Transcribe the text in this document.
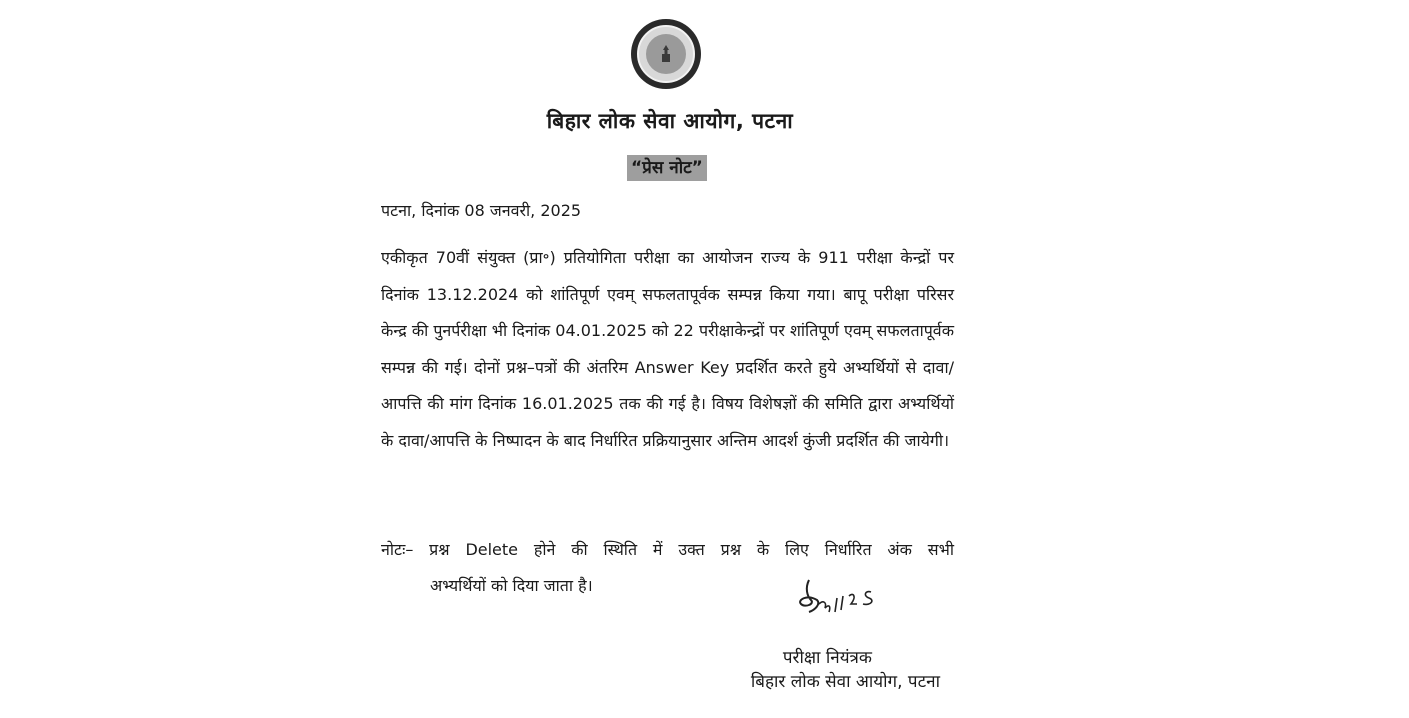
बिहार लोक सेवा आयोग, पटना
“प्रेस नोट”
पटना, दिनांक 08 जनवरी, 2025

एकीकृत 70वीं संयुक्त (प्रा॰) प्रतियोगिता परीक्षा का आयोजन राज्य के 911 परीक्षा केन्द्रों पर दिनांक 13.12.2024 को शांतिपूर्ण एवम् सफलतापूर्वक सम्पन्न किया गया। बापू परीक्षा परिसर केन्द्र की पुनर्परीक्षा भी दिनांक 04.01.2025 को 22 परीक्षाकेन्द्रों पर शांतिपूर्ण एवम् सफलतापूर्वक सम्पन्न की गई। दोनों प्रश्न–पत्रों की अंतरिम Answer Key प्रदर्शित करते हुये अभ्यर्थियों से दावा/ आपत्ति की मांग दिनांक 16.01.2025 तक की गई है। विषय विशेषज्ञों की समिति द्वारा अभ्यर्थियों के दावा/आपत्ति के निष्पादन के बाद निर्धारित प्रक्रियानुसार अन्तिम आदर्श कुंजी प्रदर्शित की जायेगी।

नोटः– प्रश्न Delete होने की स्थिति में उक्त प्रश्न के लिए निर्धारित अंक सभी
अभ्यर्थियों को दिया जाता है।
परीक्षा नियंत्रक
बिहार लोक सेवा आयोग, पटना
